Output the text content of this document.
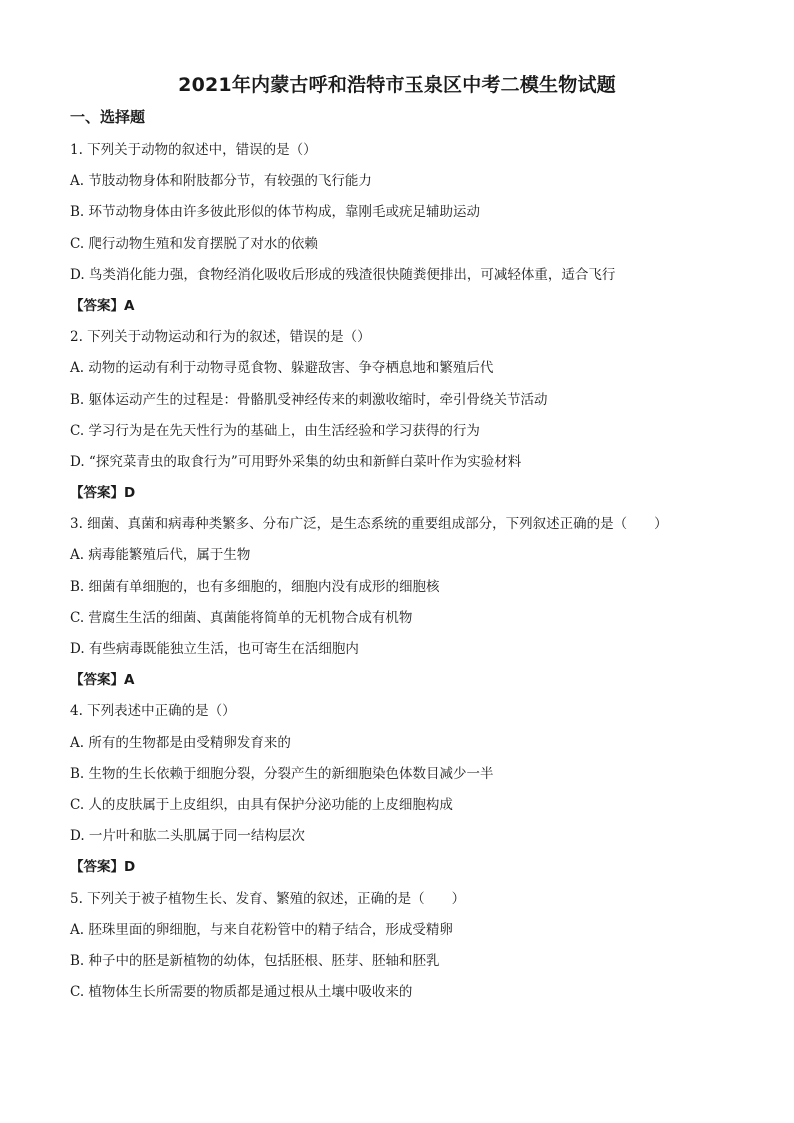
2021年内蒙古呼和浩特市玉泉区中考二模生物试题
一、选择题
1. 下列关于动物的叙述中，错误的是（）
A. 节肢动物身体和附肢都分节，有较强的飞行能力
B. 环节动物身体由许多彼此形似的体节构成，靠刚毛或疣足辅助运动
C. 爬行动物生殖和发育摆脱了对水的依赖
D. 鸟类消化能力强，食物经消化吸收后形成的残渣很快随粪便排出，可减轻体重，适合飞行
【答案】A
2. 下列关于动物运动和行为的叙述，错误的是（）
A. 动物的运动有利于动物寻觅食物、躲避敌害、争夺栖息地和繁殖后代
B. 躯体运动产生的过程是：骨骼肌受神经传来的刺激收缩时，牵引骨绕关节活动
C. 学习行为是在先天性行为的基础上，由生活经验和学习获得的行为
D. “探究菜青虫的取食行为”可用野外采集的幼虫和新鲜白菜叶作为实验材料
【答案】D
3. 细菌、真菌和病毒种类繁多、分布广泛，是生态系统的重要组成部分，下列叙述正确的是（　　）
A. 病毒能繁殖后代，属于生物
B. 细菌有单细胞的，也有多细胞的，细胞内没有成形的细胞核
C. 营腐生生活的细菌、真菌能将简单的无机物合成有机物
D. 有些病毒既能独立生活，也可寄生在活细胞内
【答案】A
4. 下列表述中正确的是（）
A. 所有的生物都是由受精卵发育来的
B. 生物的生长依赖于细胞分裂，分裂产生的新细胞染色体数目减少一半
C. 人的皮肤属于上皮组织，由具有保护分泌功能的上皮细胞构成
D. 一片叶和肱二头肌属于同一结构层次
【答案】D
5. 下列关于被子植物生长、发育、繁殖的叙述，正确的是（　　）
A. 胚珠里面的卵细胞，与来自花粉管中的精子结合，形成受精卵
B. 种子中的胚是新植物的幼体，包括胚根、胚芽、胚轴和胚乳
C. 植物体生长所需要的物质都是通过根从土壤中吸收来的
